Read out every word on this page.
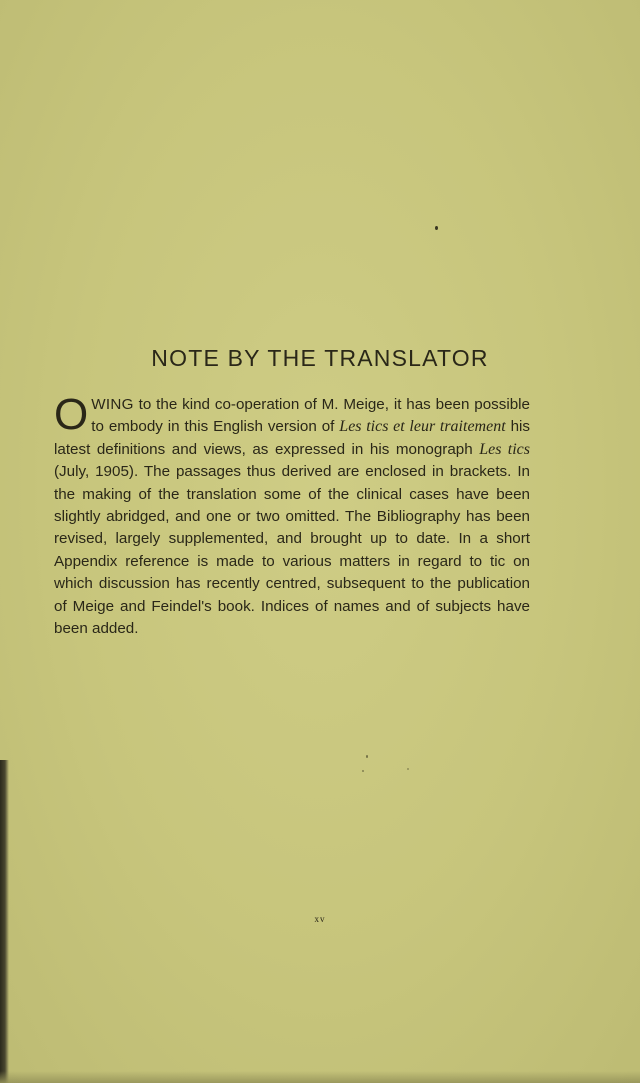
NOTE BY THE TRANSLATOR
OWING to the kind co-operation of M. Meige, it has been possible to embody in this English version of Les tics et leur traitement his latest definitions and views, as expressed in his monograph Les tics (July, 1905). The passages thus derived are enclosed in brackets. In the making of the translation some of the clinical cases have been slightly abridged, and one or two omitted. The Bibliography has been revised, largely supplemented, and brought up to date. In a short Appendix reference is made to various matters in regard to tic on which discussion has recently centred, subsequent to the publication of Meige and Feindel's book. Indices of names and of subjects have been added.
xv
